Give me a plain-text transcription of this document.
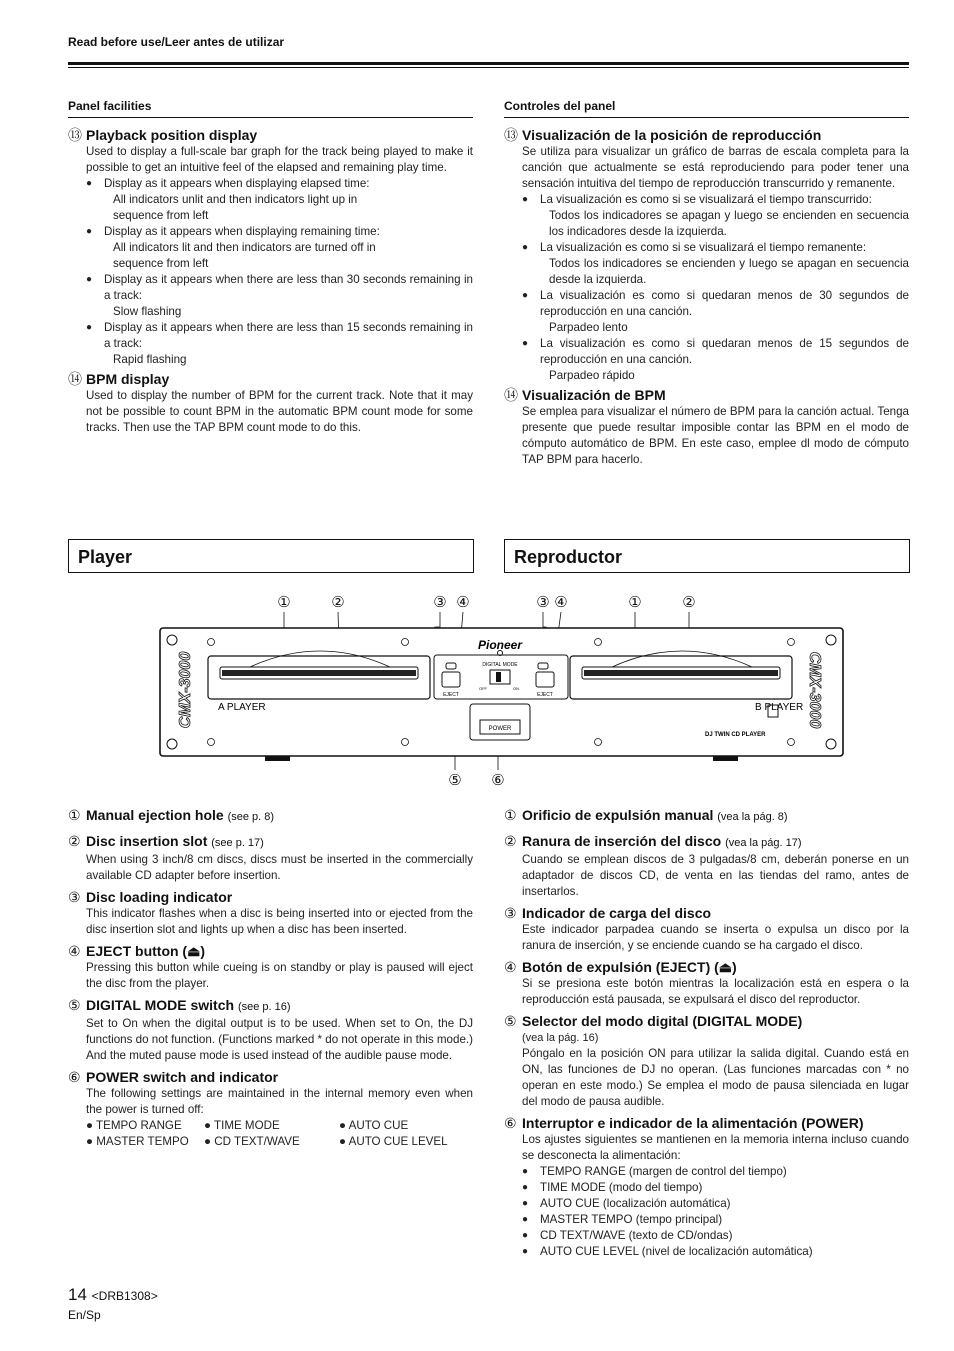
Read before use/Leer antes de utilizar
Panel facilities
⑬ Playback position display
Used to display a full-scale bar graph for the track being played to make it possible to get an intuitive feel of the elapsed and remaining play time.
● Display as it appears when displaying elapsed time:
All indicators unlit and then indicators light up in sequence from left
● Display as it appears when displaying remaining time:
All indicators lit and then indicators are turned off in sequence from left
● Display as it appears when there are less than 30 seconds remaining in a track:
Slow flashing
● Display as it appears when there are less than 15 seconds remaining in a track:
Rapid flashing
⑭ BPM display
Used to display the number of BPM for the current track. Note that it may not be possible to count BPM in the automatic BPM count mode for some tracks. Then use the TAP BPM count mode to do this.
Controles del panel
⑬ Visualización de la posición de reproducción
Se utiliza para visualizar un gráfico de barras de escala completa para la canción que actualmente se está reproduciendo para poder tener una sensación intuitiva del tiempo de reproducción transcurrido y remanente.
● La visualización es como si se visualizará el tiempo transcurrido:
Todos los indicadores se apagan y luego se encienden en secuencia los indicadores desde la izquierda.
● La visualización es como si se visualizará el tiempo remanente:
Todos los indicadores se encienden y luego se apagan en secuencia desde la izquierda.
● La visualización es como si quedaran menos de 30 segundos de reproducción en una canción.
Parpadeo lento
● La visualización es como si quedaran menos de 15 segundos de reproducción en una canción.
Parpadeo rápido
⑭ Visualización de BPM
Se emplea para visualizar el número de BPM para la canción actual. Tenga presente que puede resultar imposible contar las BPM en el modo de cómputo automático de BPM. En este caso, emplee dl modo de cómputo TAP BPM para hacerlo.
Player	Reproductor
①	②	③ ④	③ ④	①	②
⑤ ⑥
CMX-3000	CMX-3000
A PLAYER	B PLAYER
DJ TWIN CD PLAYER
Pioneer
EJECT	EJECT
DIGITAL MODE
OFF	ON
POWER
① Manual ejection hole (see p. 8)
② Disc insertion slot (see p. 17)
When using 3 inch/8 cm discs, discs must be inserted in the commercially available CD adapter before insertion.
③ Disc loading indicator
This indicator flashes when a disc is being inserted into or ejected from the disc insertion slot and lights up when a disc has been inserted.
④ EJECT button (⏏)
Pressing this button while cueing is on standby or play is paused will eject the disc from the player.
⑤ DIGITAL MODE switch (see p. 16)
Set to On when the digital output is to be used. When set to On, the DJ functions do not function. (Functions marked * do not operate in this mode.) And the muted pause mode is used instead of the audible pause mode.
⑥ POWER switch and indicator
The following settings are maintained in the internal memory even when the power is turned off:
● TEMPO RANGE	● TIME MODE	● AUTO CUE
● MASTER TEMPO	● CD TEXT/WAVE	● AUTO CUE LEVEL
① Orificio de expulsión manual (vea la pág. 8)
② Ranura de inserción del disco (vea la pág. 17)
Cuando se emplean discos de 3 pulgadas/8 cm, deberán ponerse en un adaptador de discos CD, de venta en las tiendas del ramo, antes de insertarlos.
③ Indicador de carga del disco
Este indicador parpadea cuando se inserta o expulsa un disco por la ranura de inserción, y se enciende cuando se ha cargado el disco.
④ Botón de expulsión (EJECT) (⏏)
Si se presiona este botón mientras la localización está en espera o la reproducción está pausada, se expulsará el disco del reproductor.
⑤ Selector del modo digital (DIGITAL MODE)
(vea la pág. 16)
Póngalo en la posición ON para utilizar la salida digital. Cuando está en ON, las funciones de DJ no operan. (Las funciones marcadas con * no operan en este modo.) Se emplea el modo de pausa silenciada en lugar del modo de pausa audible.
⑥ Interruptor e indicador de la alimentación (POWER)
Los ajustes siguientes se mantienen en la memoria interna incluso cuando se desconecta la alimentación:
● TEMPO RANGE (margen de control del tiempo)
● TIME MODE (modo del tiempo)
● AUTO CUE (localización automática)
● MASTER TEMPO (tempo principal)
● CD TEXT/WAVE (texto de CD/ondas)
● AUTO CUE LEVEL (nivel de localización automática)
14 <DRB1308>
En/Sp
